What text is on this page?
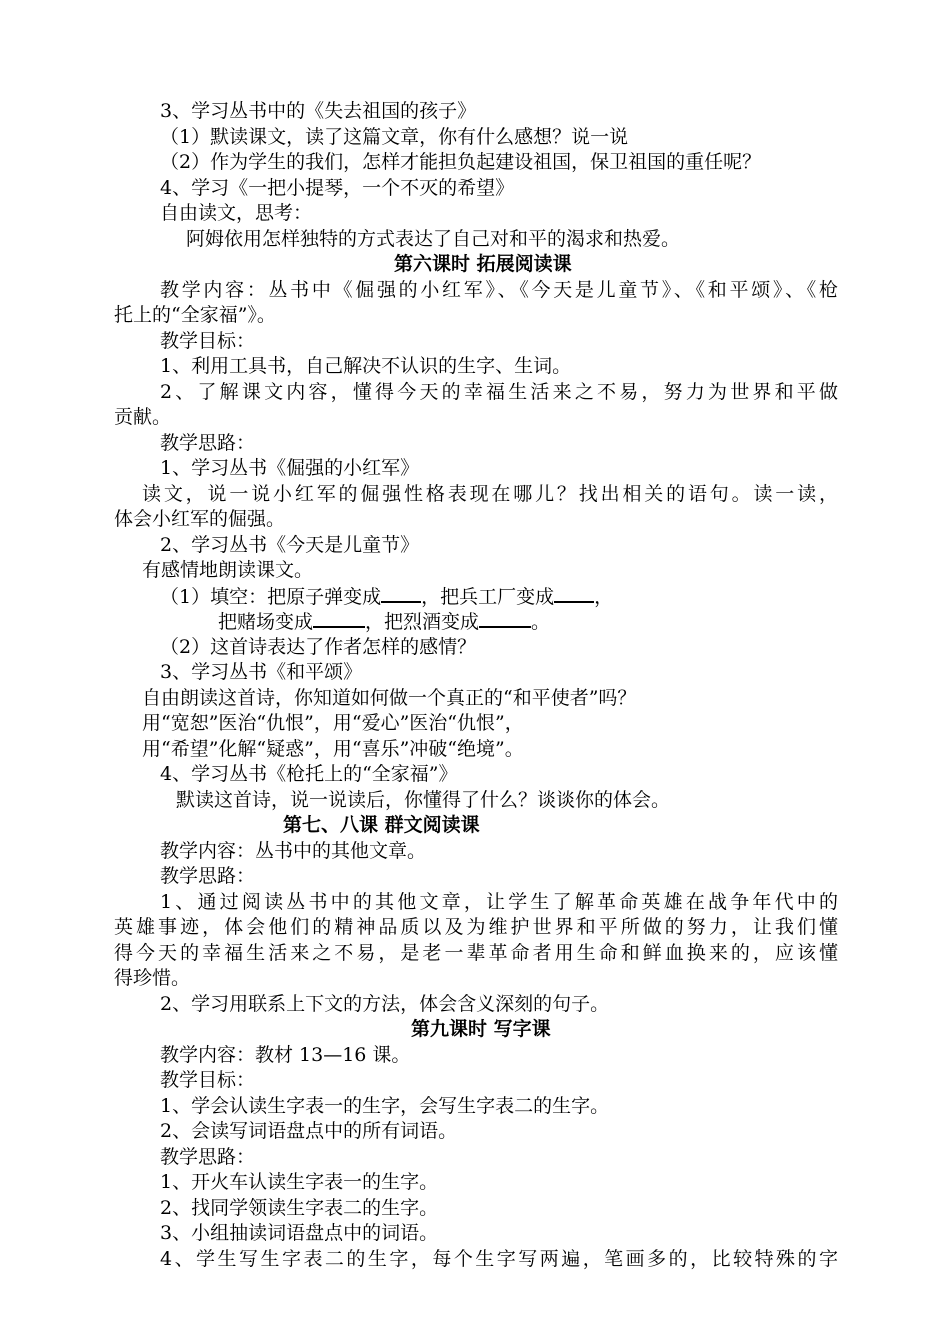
3、学习丛书中的《失去祖国的孩子》
（1）默读课文，读了这篇文章，你有什么感想？说一说
（2）作为学生的我们，怎样才能担负起建设祖国，保卫祖国的重任呢？
4、学习《一把小提琴，一个不灭的希望》
自由读文，思考：
阿姆依用怎样独特的方式表达了自己对和平的渴求和热爱。
第六课时 拓展阅读课
教学内容：丛书中《倔强的小红军》、《今天是儿童节》、《和平颂》、《枪
托上的“全家福”》。
教学目标：
1、利用工具书，自己解决不认识的生字、生词。
2、了解课文内容，懂得今天的幸福生活来之不易，努力为世界和平做
贡献。
教学思路：
1、学习丛书《倔强的小红军》
读文，说一说小红军的倔强性格表现在哪儿？找出相关的语句。读一读，
体会小红军的倔强。
2、学习丛书《今天是儿童节》
有感情地朗读课文。
（1）填空：把原子弹变成 ，把兵工厂变成 ，
把赌场变成	，把烈酒变成	。
（2）这首诗表达了作者怎样的感情？
3、学习丛书《和平颂》
自由朗读这首诗，你知道如何做一个真正的“和平使者”吗？
用“宽恕”医治“仇恨”，用“爱心”医治“仇恨”，
用“希望”化解“疑惑”，用“喜乐”冲破“绝境”。
4、学习丛书《枪托上的“全家福”》
默读这首诗，说一说读后，你懂得了什么？谈谈你的体会。
第七、八课 群文阅读课
教学内容：丛书中的其他文章。
教学思路：
1、通过阅读丛书中的其他文章，让学生了解革命英雄在战争年代中的
英雄事迹，体会他们的精神品质以及为维护世界和平所做的努力，让我们懂
得今天的幸福生活来之不易，是老一辈革命者用生命和鲜血换来的，应该懂
得珍惜。
2、学习用联系上下文的方法，体会含义深刻的句子。
第九课时 写字课
教学内容：教材 13—16 课。
教学目标：
1、学会认读生字表一的生字，会写生字表二的生字。
2、会读写词语盘点中的所有词语。
教学思路：
1、开火车认读生字表一的生字。
2、找同学领读生字表二的生字。
3、小组抽读词语盘点中的词语。
4、学生写生字表二的生字，每个生字写两遍，笔画多的，比较特殊的字
